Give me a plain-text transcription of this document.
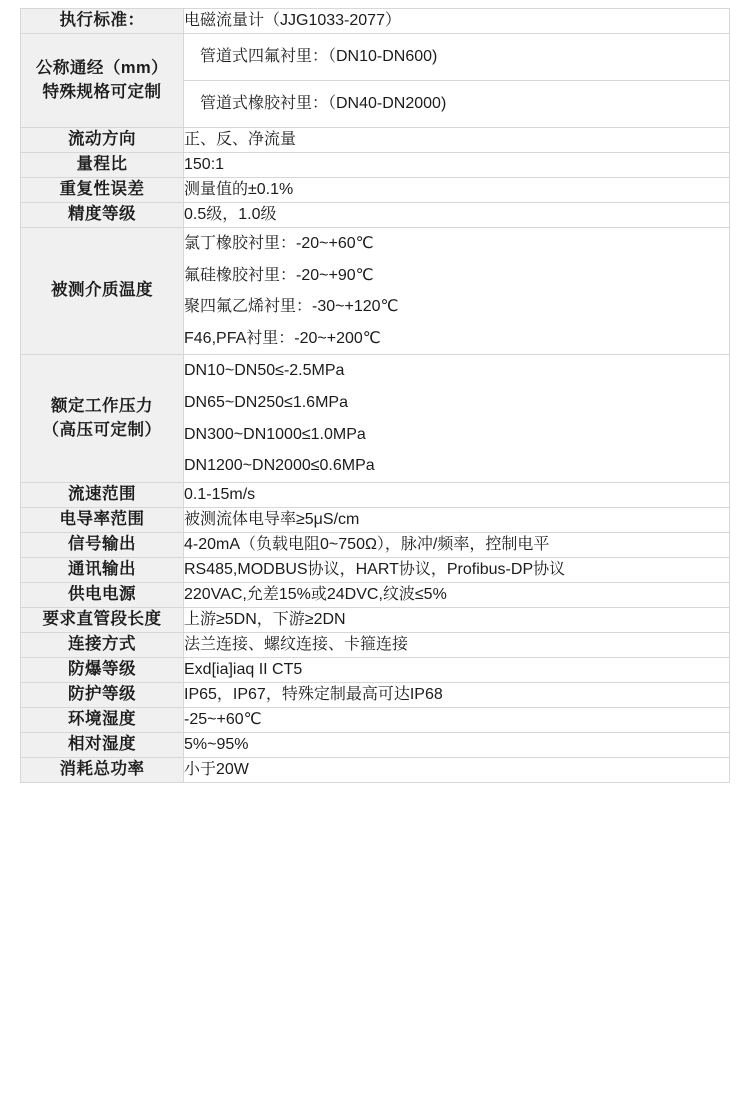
执行标准：	电磁流量计（JJG1033-2077）

公称通经（mm）
特殊规格可定制	管道式四氟衬里：（DN10-DN600)
	管道式橡胶衬里：（DN40-DN2000)
流动方向	正、反、净流量
量程比	150:1
重复性误差	测量值的±0.1%
精度等级	0.5级，1.0级
被测介质温度	氯丁橡胶衬里：-20~+60℃
氟硅橡胶衬里：-20~+90℃
聚四氟乙烯衬里：-30~+120℃
F46,PFA衬里：-20~+200℃

额定工作压力
（高压可定制）	DN10~DN50≤-2.5MPa
DN65~DN250≤1.6MPa
DN300~DN1000≤1.0MPa
DN1200~DN2000≤0.6MPa

流速范围	0.1-15m/s
电导率范围	被测流体电导率≥5μS/cm
信号输出	4-20mA（负载电阻0~750Ω），脉冲/频率，控制电平
通讯输出	RS485,MODBUS协议，HART协议，Profibus-DP协议
供电电源	220VAC,允差15%或24DVC,纹波≤5%
要求直管段长度	上游≥5DN，下游≥2DN
连接方式	法兰连接、螺纹连接、卡箍连接
防爆等级	Exd[ia]iaq II CT5
防护等级	IP65，IP67，特殊定制最高可达IP68
环境湿度	-25~+60℃
相对湿度	5%~95%
消耗总功率	小于20W
